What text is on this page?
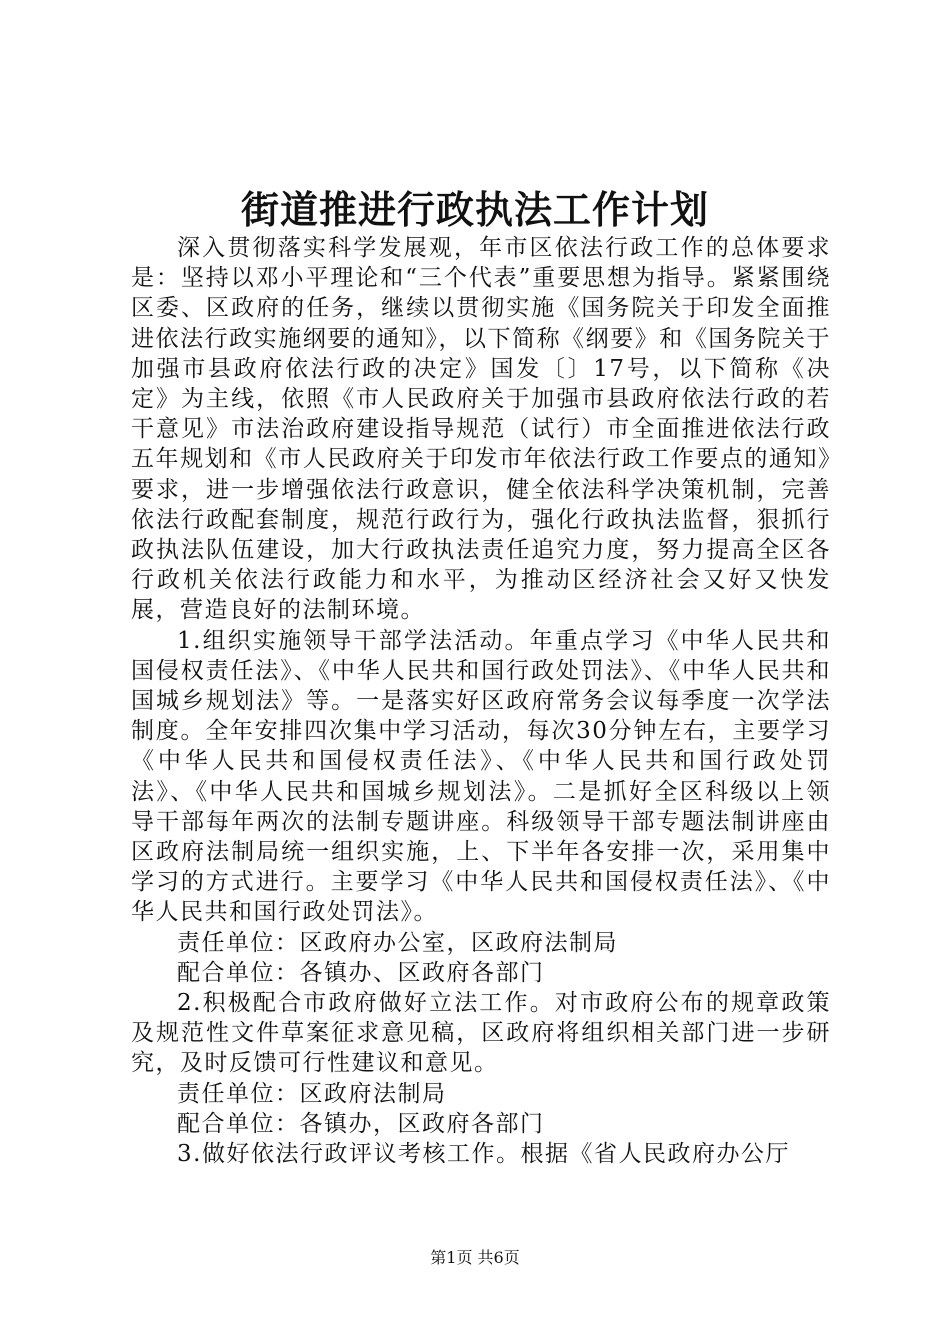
街道推进行政执法工作计划

深入贯彻落实科学发展观，年市区依法行政工作的总体要求是：坚持以邓小平理论和“三个代表”重要思想为指导。紧紧围绕区委、区政府的任务，继续以贯彻实施《国务院关于印发全面推进依法行政实施纲要的通知》，以下简称《纲要》和《国务院关于加强市县政府依法行政的决定》国发〔〕17号，以下简称《决定》为主线，依照《市人民政府关于加强市县政府依法行政的若干意见》市法治政府建设指导规范（试行）市全面推进依法行政五年规划和《市人民政府关于印发市年依法行政工作要点的通知》要求，进一步增强依法行政意识，健全依法科学决策机制，完善依法行政配套制度，规范行政行为，强化行政执法监督，狠抓行政执法队伍建设，加大行政执法责任追究力度，努力提高全区各行政机关依法行政能力和水平，为推动区经济社会又好又快发展，营造良好的法制环境。

1.组织实施领导干部学法活动。年重点学习《中华人民共和国侵权责任法》、《中华人民共和国行政处罚法》、《中华人民共和国城乡规划法》等。一是落实好区政府常务会议每季度一次学法制度。全年安排四次集中学习活动，每次30分钟左右，主要学习《中华人民共和国侵权责任法》、《中华人民共和国行政处罚法》、《中华人民共和国城乡规划法》。二是抓好全区科级以上领导干部每年两次的法制专题讲座。科级领导干部专题法制讲座由区政府法制局统一组织实施，上、下半年各安排一次，采用集中学习的方式进行。主要学习《中华人民共和国侵权责任法》、《中华人民共和国行政处罚法》。

责任单位：区政府办公室，区政府法制局

配合单位：各镇办、区政府各部门

2.积极配合市政府做好立法工作。对市政府公布的规章政策及规范性文件草案征求意见稿，区政府将组织相关部门进一步研究，及时反馈可行性建议和意见。

责任单位：区政府法制局

配合单位：各镇办，区政府各部门

3.做好依法行政评议考核工作。根据《省人民政府办公厅

第1页 共6页
